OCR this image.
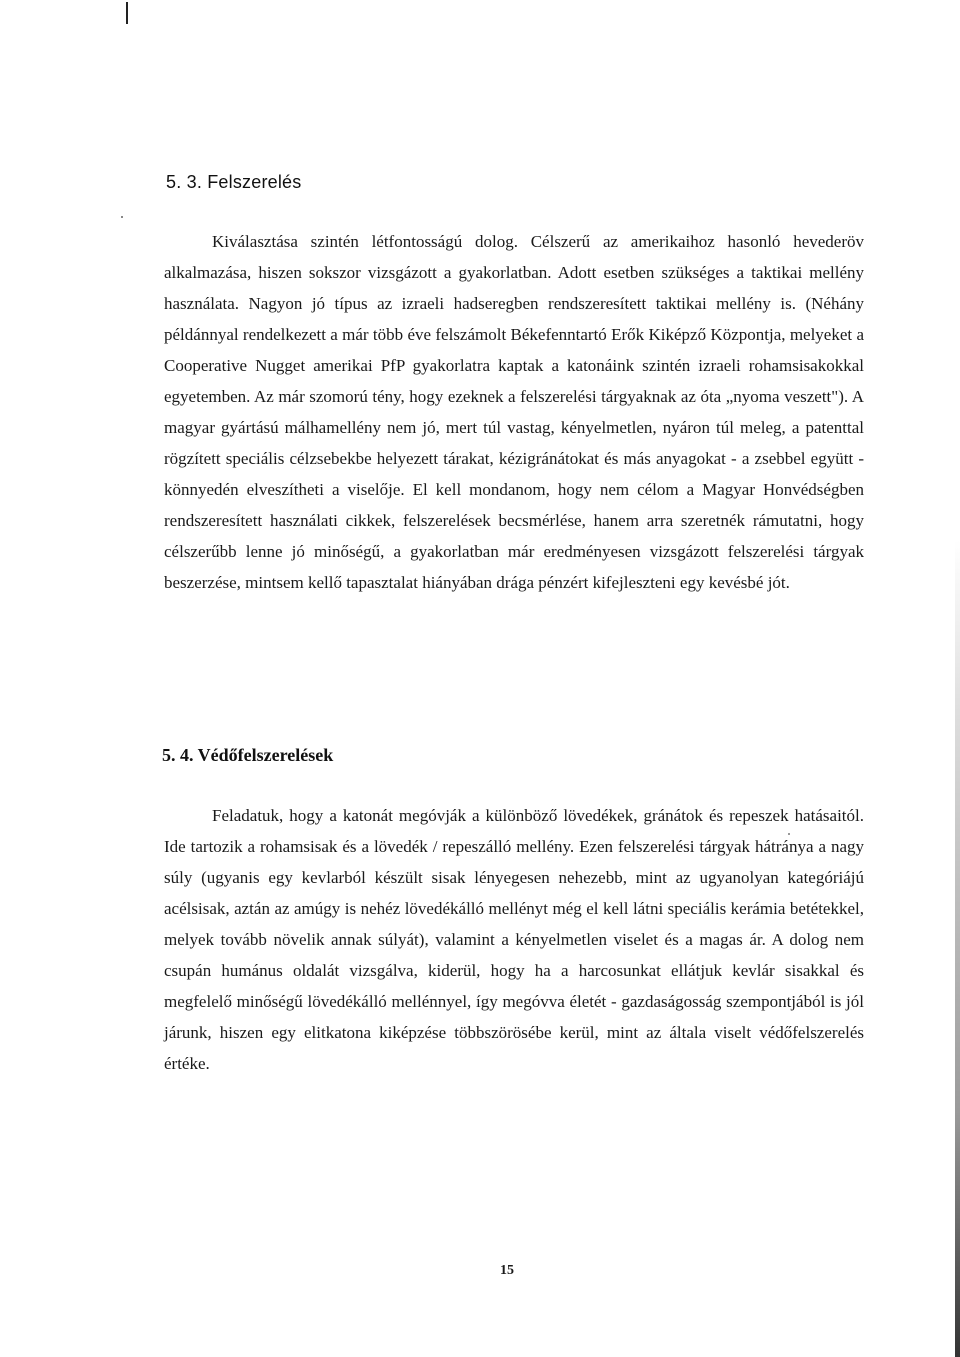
5. 3. Felszerelés

Kiválasztása szintén létfontosságú dolog. Célszerű az amerikaihoz hasonló hevederöv alkalmazása, hiszen sokszor vizsgázott a gyakorlatban. Adott esetben szükséges a taktikai mellény használata. Nagyon jó típus az izraeli hadseregben rendszeresített taktikai mellény is. (Néhány példánnyal rendelkezett a már több éve felszámolt Békefenntartó Erők Kiképző Központja, melyeket a Cooperative Nugget amerikai PfP gyakorlatra kaptak a katonáink szintén izraeli rohamsisakokkal egyetemben. Az már szomorú tény, hogy ezeknek a felszerelési tárgyaknak az óta „nyoma veszett"). A magyar gyártású málhamellény nem jó, mert túl vastag, kényelmetlen, nyáron túl meleg, a patenttal rögzített speciális célzsebekbe helyezett tárakat, kézigránátokat és más anyagokat - a zsebbel együtt - könnyedén elveszítheti a viselője. El kell mondanom, hogy nem célom a Magyar Honvédségben rendszeresített használati cikkek, felszerelések becsmérlése, hanem arra szeretnék rámutatni, hogy célszerűbb lenne jó minőségű, a gyakorlatban már eredményesen vizsgázott felszerelési tárgyak beszerzése, mintsem kellő tapasztalat hiányában drága pénzért kifejleszteni egy kevésbé jót.

5. 4. Védőfelszerelések

Feladatuk, hogy a katonát megóvják a különböző lövedékek, gránátok és repeszek hatásaitól. Ide tartozik a rohamsisak és a lövedék / repeszálló mellény. Ezen felszerelési tárgyak hátránya a nagy súly (ugyanis egy kevlarból készült sisak lényegesen nehezebb, mint az ugyanolyan kategóriájú acélsisak, aztán az amúgy is nehéz lövedékálló mellényt még el kell látni speciális kerámia betétekkel, melyek tovább növelik annak súlyát), valamint a kényelmetlen viselet és a magas ár. A dolog nem csupán humánus oldalát vizsgálva, kiderül, hogy ha a harcosunkat ellátjuk kevlár sisakkal és megfelelő minőségű lövedékálló mellénnyel, így megóvva életét - gazdaságosság szempontjából is jól járunk, hiszen egy elitkatona kiképzése többszörösébe kerül, mint az általa viselt védőfelszerelés értéke.

15
